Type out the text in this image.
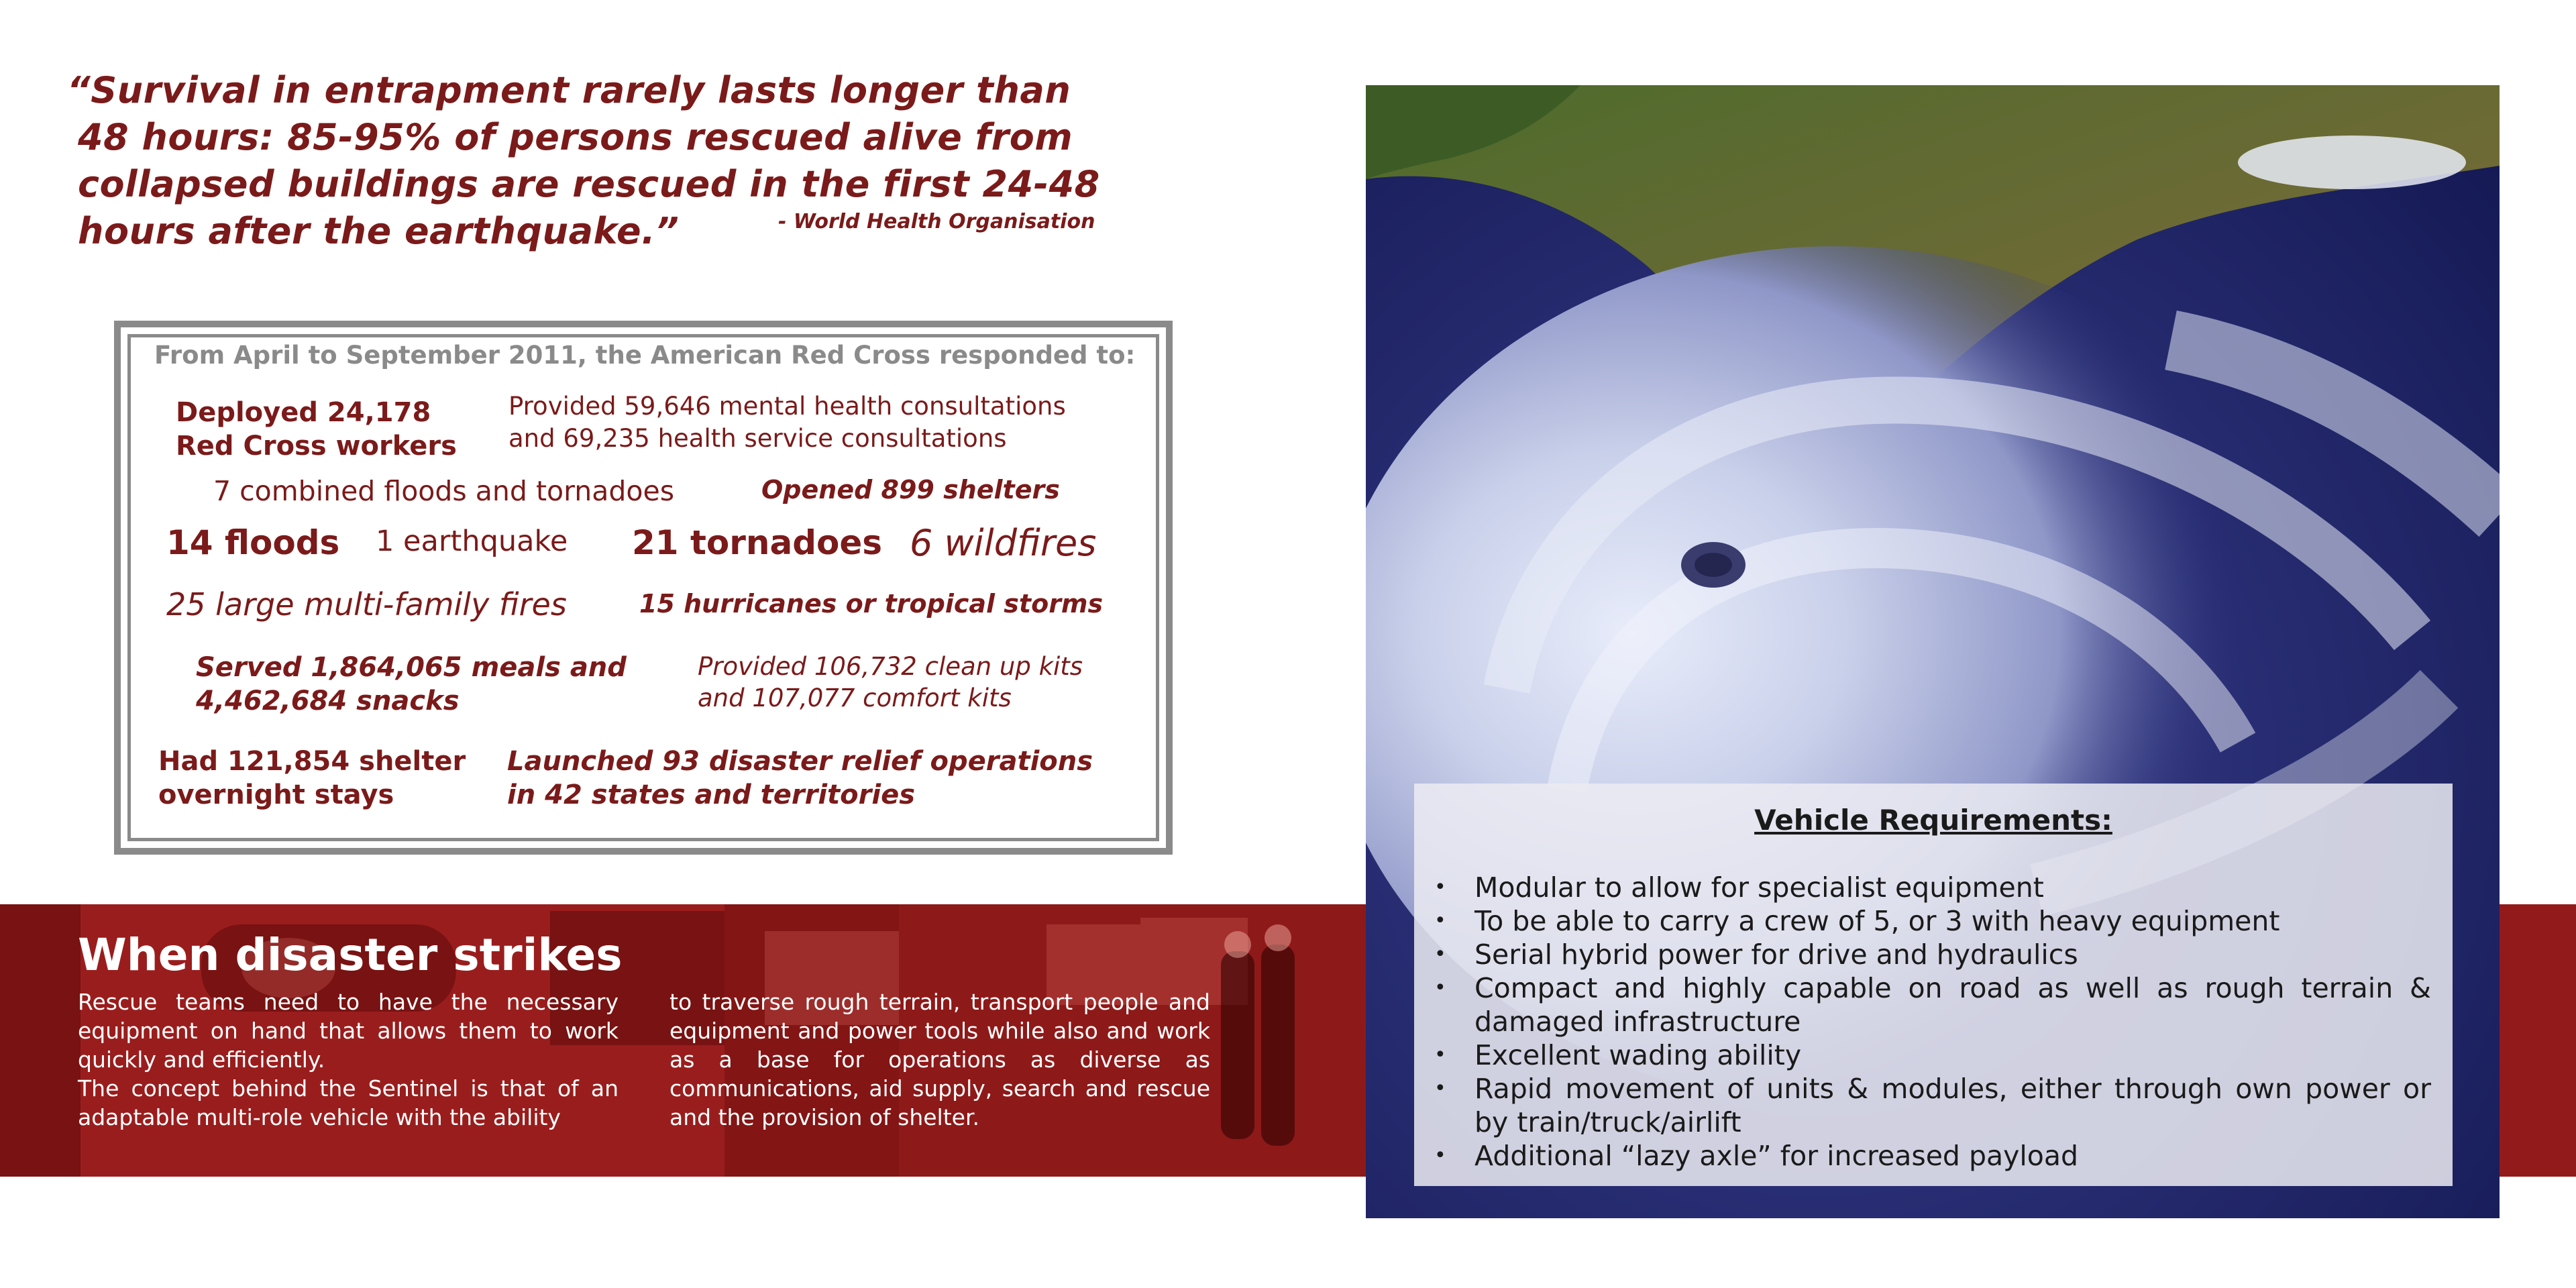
“Survival in entrapment rarely lasts longer than
48 hours: 85-95% of persons rescued alive from
collapsed buildings are rescued in the first 24-48
hours after the earthquake.”	- World Health Organisation
From April to September 2011, the American Red Cross responded to:
Deployed 24,178
Red Cross workers
Provided 59,646 mental health consultations
and 69,235 health service consultations
7 combined floods and tornadoes	Opened 899 shelters
14 floods 1 earthquake 21 tornadoes 6 wildfires
25 large multi-family fires	15 hurricanes or tropical storms
Served 1,864,065 meals and
4,462,684 snacks
Provided 106,732 clean up kits
and 107,077 comfort kits
Had 121,854 shelter
overnight stays
Launched 93 disaster relief operations
in 42 states and territories
When disaster strikes

Rescue teams need to have the necessary equipment on hand that allows them to work quickly and efficiently.

The concept behind the Sentinel is that of an adaptable multi-role vehicle with the ability

to traverse rough terrain, transport people and equipment and power tools while also and work as a base for operations as diverse as communications, aid supply, search and rescue and the provision of shelter.

Vehicle Requirements:
• Modular to allow for specialist equipment
• To be able to carry a crew of 5, or 3 with heavy equipment
• Serial hybrid power for drive and hydraulics
• Compact and highly capable on road as well as rough terrain & damaged infrastructure
• Excellent wading ability
• Rapid movement of units & modules, either through own power or by train/truck/airlift
• Additional “lazy axle” for increased payload
